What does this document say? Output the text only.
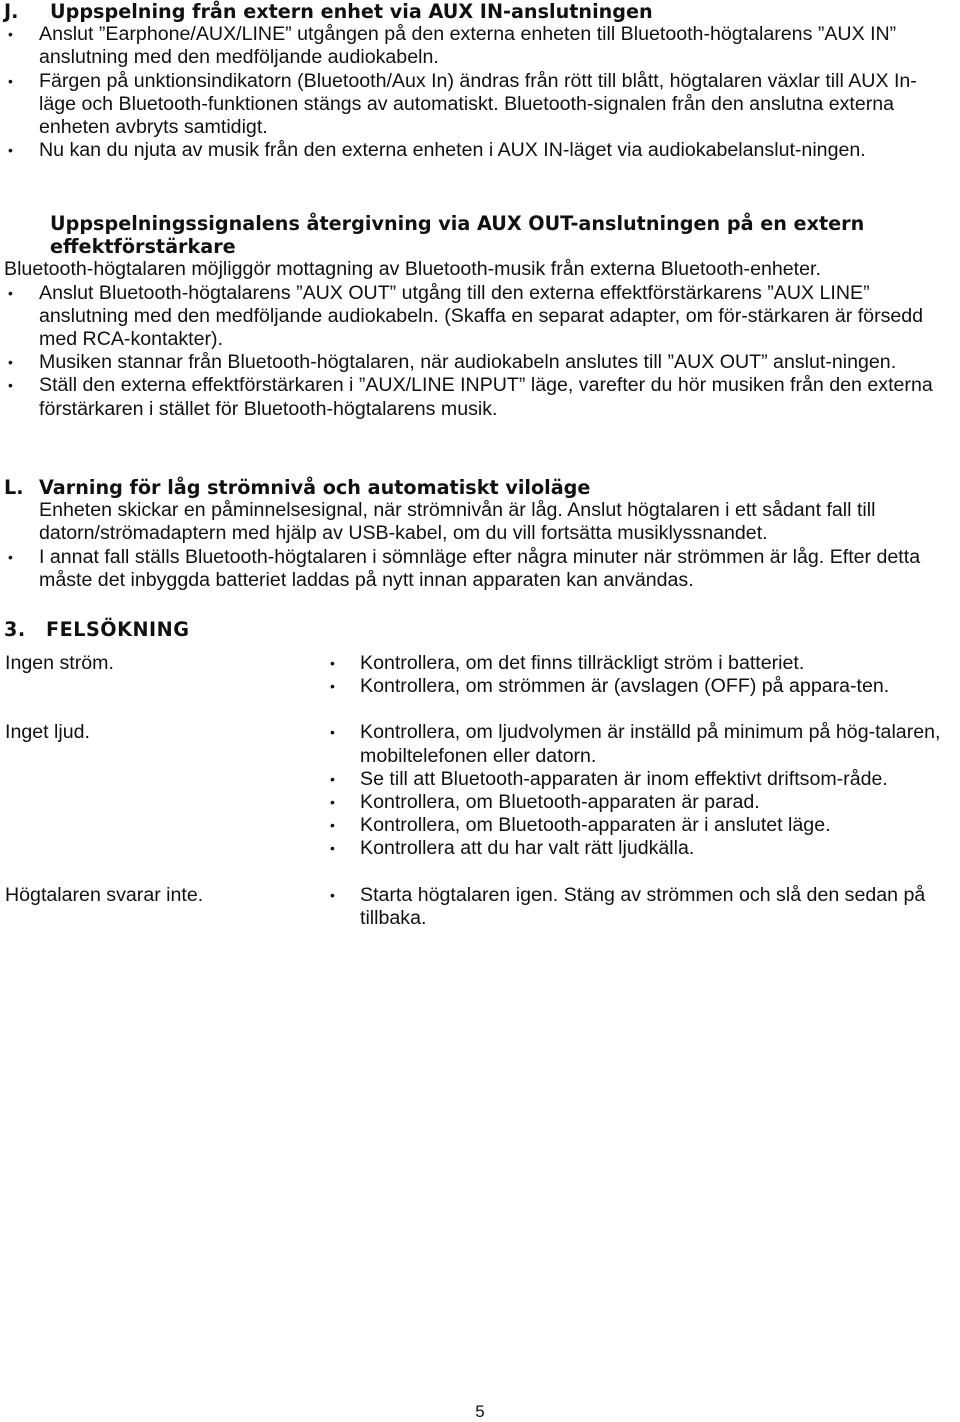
J. Uppspelning från extern enhet via AUX IN-anslutningen
• Anslut ”Earphone/AUX/LINE” utgången på den externa enheten till Bluetooth-högtalarens ”AUX IN” anslutning med den medföljande audiokabeln.
• Färgen på unktionsindikatorn (Bluetooth/Aux In) ändras från rött till blått, högtalaren växlar till AUX In-läge och Bluetooth-funktionen stängs av automatiskt. Bluetooth-signalen från den anslutna externa enheten avbryts samtidigt.
• Nu kan du njuta av musik från den externa enheten i AUX IN-läget via audiokabelanslut-ningen.
Uppspelningssignalens återgivning via AUX OUT-anslutningen på en extern effektförstärkare

Bluetooth-högtalaren möjliggör mottagning av Bluetooth-musik från externa Bluetooth-enheter.

• Anslut Bluetooth-högtalarens ”AUX OUT” utgång till den externa effektförstärkarens ”AUX LINE” anslutning med den medföljande audiokabeln. (Skaffa en separat adapter, om för-stärkaren är försedd med RCA-kontakter).
• Musiken stannar från Bluetooth-högtalaren, när audiokabeln anslutes till ”AUX OUT” anslut-ningen.
• Ställ den externa effektförstärkaren i ”AUX/LINE INPUT” läge, varefter du hör musiken från den externa förstärkaren i stället för Bluetooth-högtalarens musik.
L. Varning för låg strömnivå och automatiskt viloläge

Enheten skickar en påminnelsesignal, när strömnivån är låg. Anslut högtalaren i ett sådant fall till datorn/strömadaptern med hjälp av USB-kabel, om du vill fortsätta musiklyssnandet.

• I annat fall ställs Bluetooth-högtalaren i sömnläge efter några minuter när strömmen är låg. Efter detta måste det inbyggda batteriet laddas på nytt innan apparaten kan användas.
3. FELSÖKNING
Ingen ström.	• Kontrollera, om det finns tillräckligt ström i batteriet.
• Kontrollera, om strömmen är (avslagen (OFF) på appara-ten.
Inget ljud.	• Kontrollera, om ljudvolymen är inställd på minimum på hög-talaren, mobiltelefonen eller datorn.
• Se till att Bluetooth-apparaten är inom effektivt driftsom-råde.
• Kontrollera, om Bluetooth-apparaten är parad.
• Kontrollera, om Bluetooth-apparaten är i anslutet läge.
• Kontrollera att du har valt rätt ljudkälla.
Högtalaren svarar inte.	• Starta högtalaren igen. Stäng av strömmen och slå den sedan på tillbaka.
5
